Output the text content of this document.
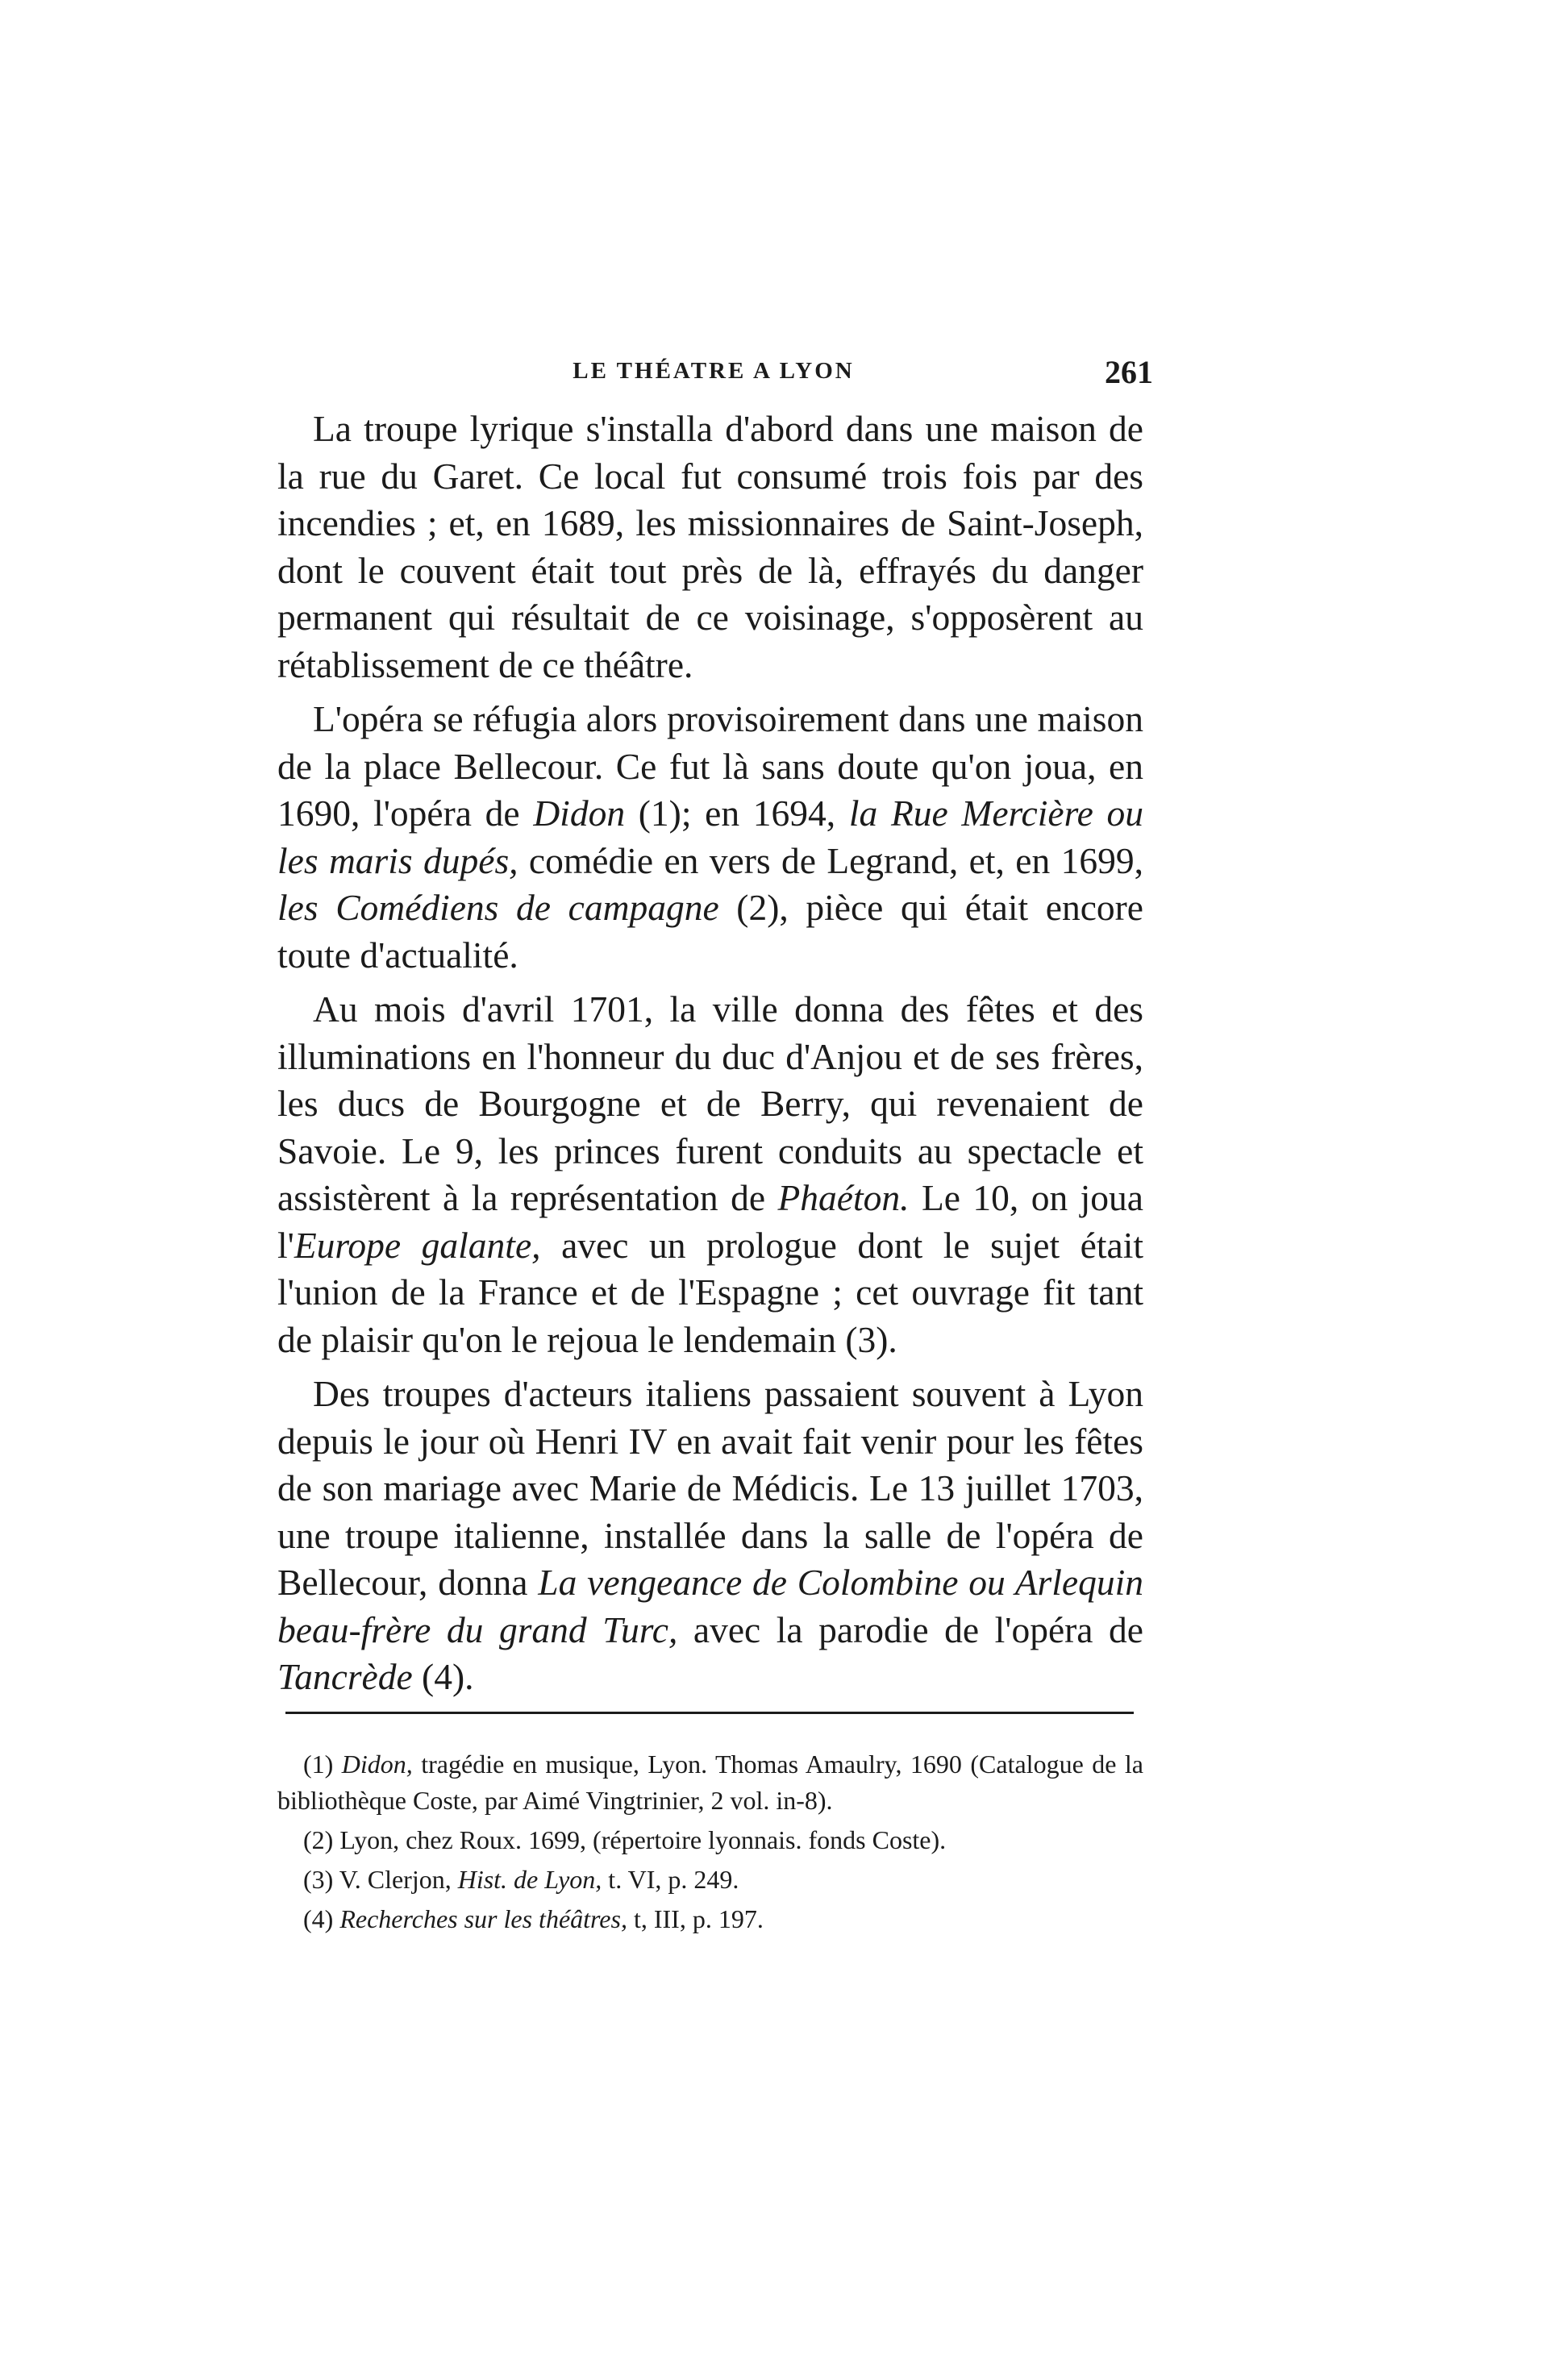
LE THÉATRE A LYON	261

La troupe lyrique s'installa d'abord dans une maison de la rue du Garet. Ce local fut consumé trois fois par des incendies ; et, en 1689, les missionnaires de Saint-Joseph, dont le couvent était tout près de là, effrayés du danger permanent qui résultait de ce voisinage, s'opposèrent au rétablissement de ce théâtre.

L'opéra se réfugia alors provisoirement dans une maison de la place Bellecour. Ce fut là sans doute qu'on joua, en 1690, l'opéra de Didon (1); en 1694, la Rue Mercière ou les maris dupés, comédie en vers de Legrand, et, en 1699, les Comédiens de campagne (2), pièce qui était encore toute d'actualité.

Au mois d'avril 1701, la ville donna des fêtes et des illuminations en l'honneur du duc d'Anjou et de ses frères, les ducs de Bourgogne et de Berry, qui revenaient de Savoie. Le 9, les princes furent conduits au spectacle et assistèrent à la représentation de Phaéton. Le 10, on joua l'Europe galante, avec un prologue dont le sujet était l'union de la France et de l'Espagne ; cet ouvrage fit tant de plaisir qu'on le rejoua le lendemain (3).

Des troupes d'acteurs italiens passaient souvent à Lyon depuis le jour où Henri IV en avait fait venir pour les fêtes de son mariage avec Marie de Médicis. Le 13 juillet 1703, une troupe italienne, installée dans la salle de l'opéra de Bellecour, donna La vengeance de Colombine ou Arlequin beau-frère du grand Turc, avec la parodie de l'opéra de Tancrède (4).

(1) Didon, tragédie en musique, Lyon. Thomas Amaulry, 1690 (Catalogue de la bibliothèque Coste, par Aimé Vingtrinier, 2 vol. in-8).

(2) Lyon, chez Roux. 1699, (répertoire lyonnais. fonds Coste).

(3) V. Clerjon, Hist. de Lyon, t. VI, p. 249.

(4) Recherches sur les théâtres, t, III, p. 197.
